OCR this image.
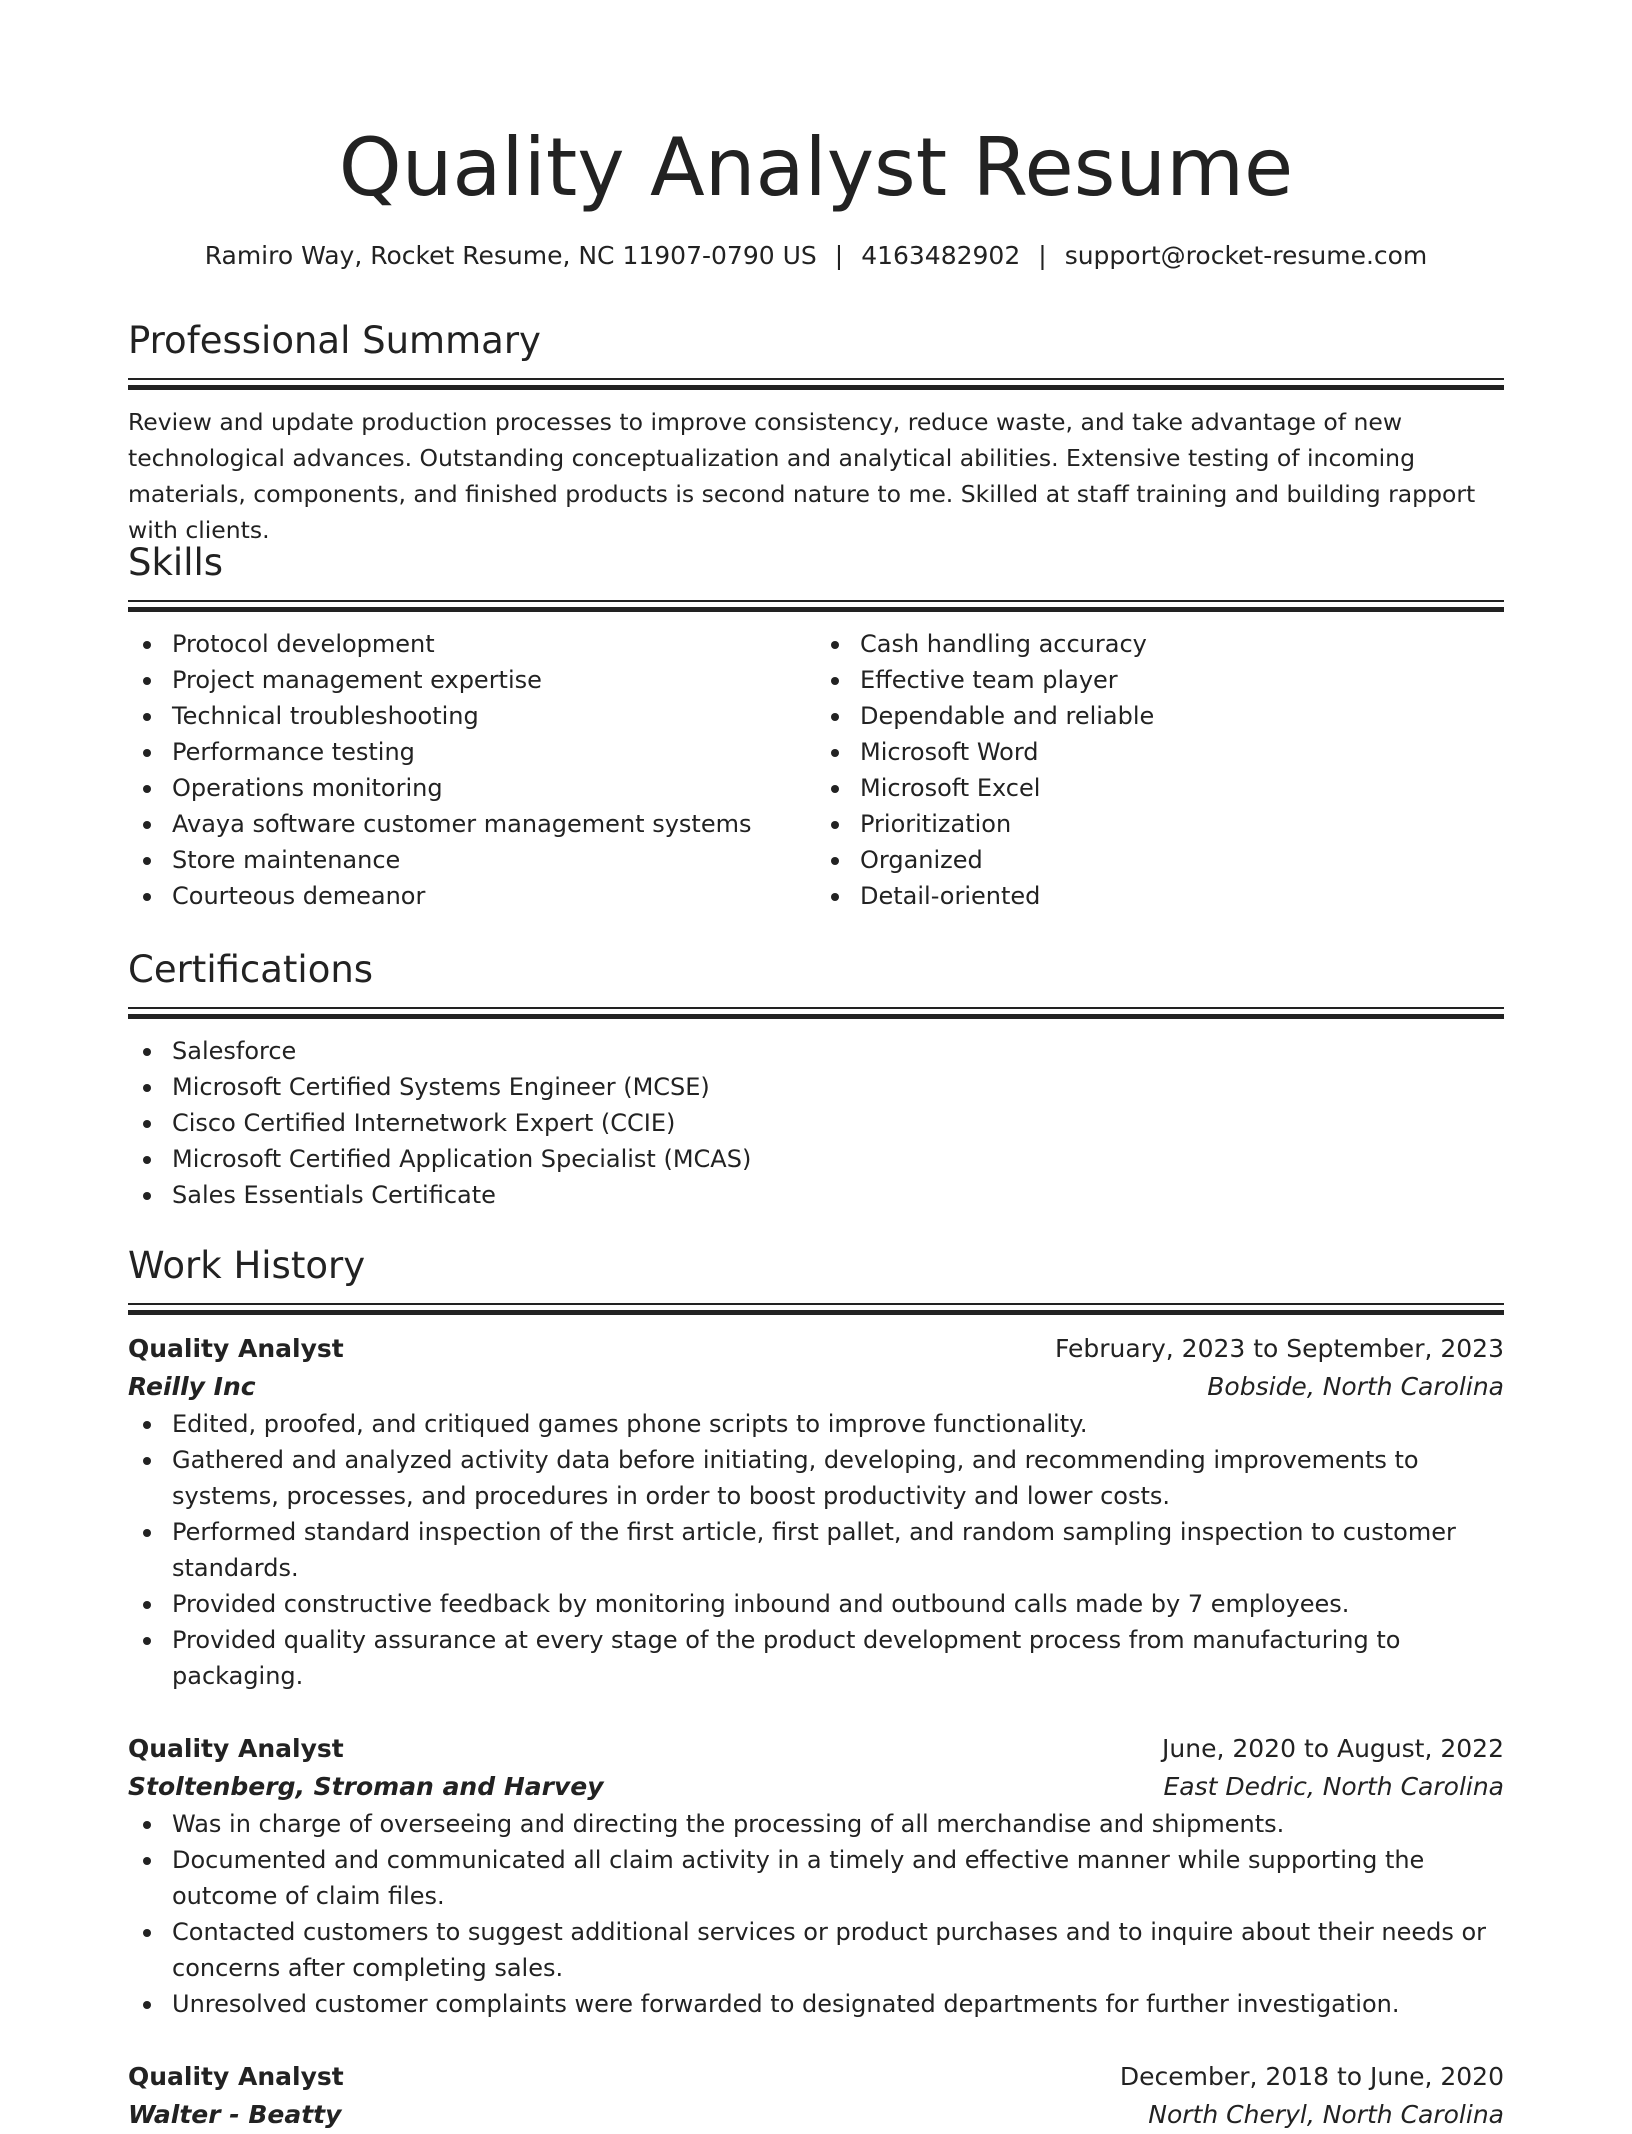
Quality Analyst Resume
Ramiro Way, Rocket Resume, NC 11907-0790 US | 4163482902 | support@rocket-resume.com
Professional Summary

Review and update production processes to improve consistency, reduce waste, and take advantage of new technological advances. Outstanding conceptualization and analytical abilities. Extensive testing of incoming materials, components, and finished products is second nature to me. Skilled at staff training and building rapport with clients.

Skills
Protocol development
Project management expertise
Technical troubleshooting
Performance testing
Operations monitoring
Avaya software customer management systems
Store maintenance
Courteous demeanor
Cash handling accuracy
Effective team player
Dependable and reliable
Microsoft Word
Microsoft Excel
Prioritization
Organized
Detail-oriented
Certifications
Salesforce
Microsoft Certified Systems Engineer (MCSE)
Cisco Certified Internetwork Expert (CCIE)
Microsoft Certified Application Specialist (MCAS)
Sales Essentials Certificate
Work History
Quality Analyst	February, 2023 to September, 2023
Reilly Inc	Bobside, North Carolina
Edited, proofed, and critiqued games phone scripts to improve functionality.
Gathered and analyzed activity data before initiating, developing, and recommending improvements to systems, processes, and procedures in order to boost productivity and lower costs.
Performed standard inspection of the first article, first pallet, and random sampling inspection to customer standards.
Provided constructive feedback by monitoring inbound and outbound calls made by 7 employees.
Provided quality assurance at every stage of the product development process from manufacturing to packaging.
Quality Analyst	June, 2020 to August, 2022
Stoltenberg, Stroman and Harvey	East Dedric, North Carolina
Was in charge of overseeing and directing the processing of all merchandise and shipments.
Documented and communicated all claim activity in a timely and effective manner while supporting the outcome of claim files.
Contacted customers to suggest additional services or product purchases and to inquire about their needs or concerns after completing sales.
Unresolved customer complaints were forwarded to designated departments for further investigation.
Quality Analyst	December, 2018 to June, 2020
Walter - Beatty	North Cheryl, North Carolina
